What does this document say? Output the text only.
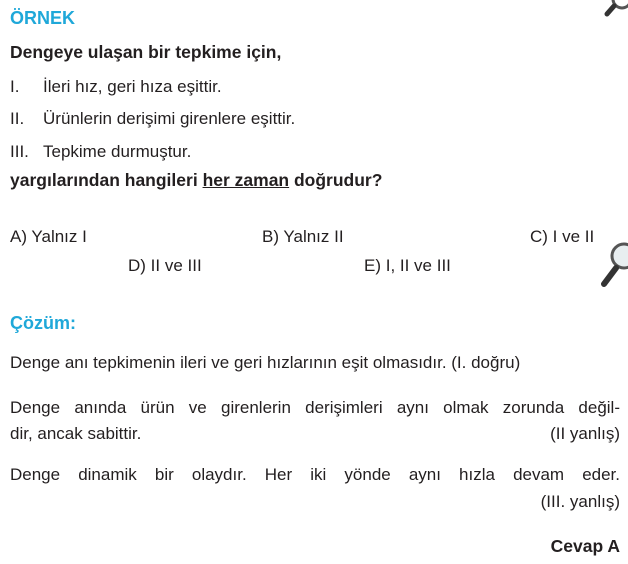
ÖRNEK
Dengeye ulaşan bir tepkime için,
I. İleri hız, geri hıza eşittir.
II. Ürünlerin derişimi girenlere eşittir.
III. Tepkime durmuştur.
yargılarından hangileri her zaman doğrudur?
A) Yalnız I	B) Yalnız II	C) I ve II
D) II ve III	E) I, II ve III
Çözüm:
Denge anı tepkimenin ileri ve geri hızlarının eşit olmasıdır. (I. doğru)
Denge anında ürün ve girenlerin derişimleri aynı olmak zorunda değil-
dir, ancak sabittir.	(II yanlış)
Denge dinamik bir olaydır. Her iki yönde aynı hızla devam eder.
(III. yanlış)
Cevap A
